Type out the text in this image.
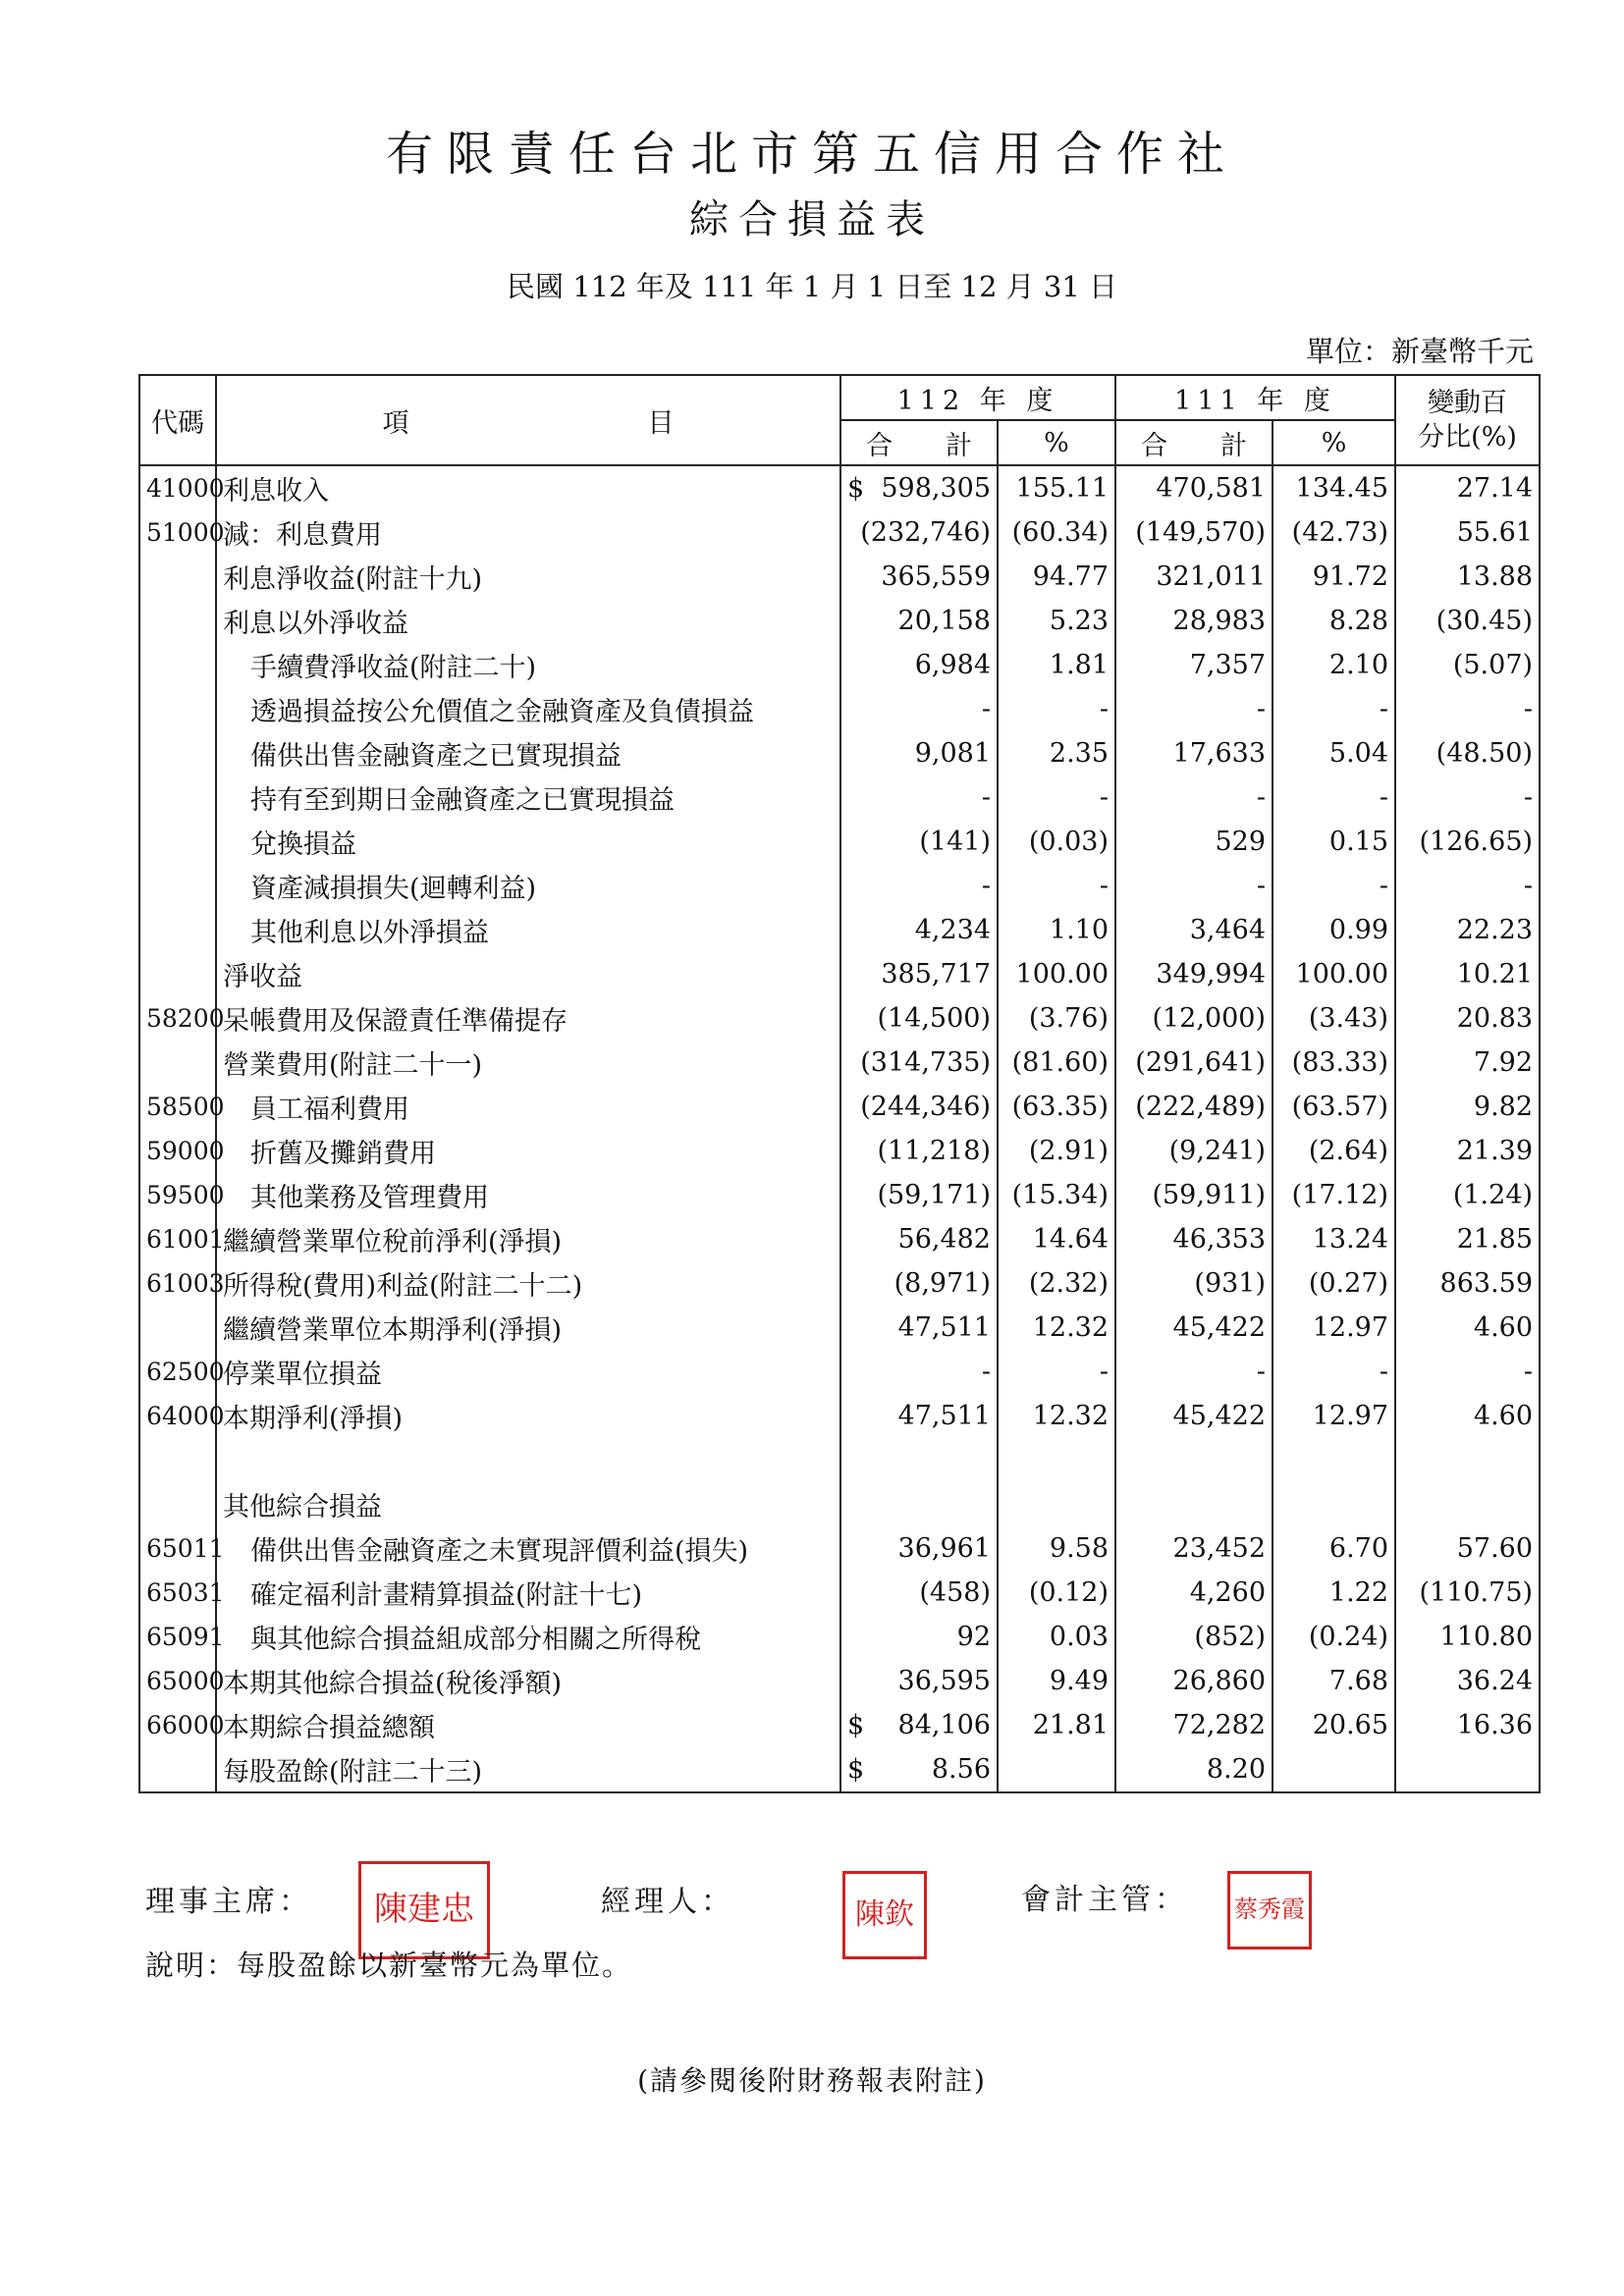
有限責任台北市第五信用合作社
綜合損益表
民國 112 年及 111 年 1 月 1 日至 12 月 31 日
單位：新臺幣千元
代碼	項　　　　　　　　　目	112 年 度		111 年 度		變動百
分比(%)
		合　　計	%	合　　計	%	
41000	利息收入	$ 598,305	155.11	470,581	134.45	27.14
51000	減：利息費用	(232,746)	(60.34)	(149,570)	(42.73)	55.61
	利息淨收益(附註十九)	365,559	94.77	321,011	91.72	13.88
	利息以外淨收益	20,158	5.23	28,983	8.28	(30.45)
	手續費淨收益(附註二十)	6,984	1.81	7,357	2.10	(5.07)
	透過損益按公允價值之金融資產及負債損益	-	-	-	-	-
	備供出售金融資產之已實現損益	9,081	2.35	17,633	5.04	(48.50)
	持有至到期日金融資產之已實現損益	-	-	-	-	-
	兌換損益	(141)	(0.03)	529	0.15	(126.65)
	資產減損損失(迴轉利益)	-	-	-	-	-
	其他利息以外淨損益	4,234	1.10	3,464	0.99	22.23
	淨收益	385,717	100.00	349,994	100.00	10.21
58200	呆帳費用及保證責任準備提存	(14,500)	(3.76)	(12,000)	(3.43)	20.83
	營業費用(附註二十一)	(314,735)	(81.60)	(291,641)	(83.33)	7.92
58500	員工福利費用	(244,346)	(63.35)	(222,489)	(63.57)	9.82
59000	折舊及攤銷費用	(11,218)	(2.91)	(9,241)	(2.64)	21.39
59500	其他業務及管理費用	(59,171)	(15.34)	(59,911)	(17.12)	(1.24)
61001	繼續營業單位稅前淨利(淨損)	56,482	14.64	46,353	13.24	21.85
61003	所得稅(費用)利益(附註二十二)	(8,971)	(2.32)	(931)	(0.27)	863.59
	繼續營業單位本期淨利(淨損)	47,511	12.32	45,422	12.97	4.60
62500	停業單位損益	-	-	-	-	-
64000	本期淨利(淨損)	47,511	12.32	45,422	12.97	4.60

	其他綜合損益					
65011	備供出售金融資產之未實現評價利益(損失)	36,961	9.58	23,452	6.70	57.60
65031	確定福利計畫精算損益(附註十七)	(458)	(0.12)	4,260	1.22	(110.75)
65091	與其他綜合損益組成部分相關之所得稅	92	0.03	(852)	(0.24)	110.80
65000	本期其他綜合損益(稅後淨額)	36,595	9.49	26,860	7.68	36.24
66000	本期綜合損益總額	$ 84,106	21.81	72,282	20.65	16.36
	每股盈餘(附註二十三)	$ 8.56		8.20		
理事主席：	陳建忠	經理人：	陳欽	會計主管： 蔡秀霞
說明：每股盈餘以新臺幣元為單位。
(請參閱後附財務報表附註)
